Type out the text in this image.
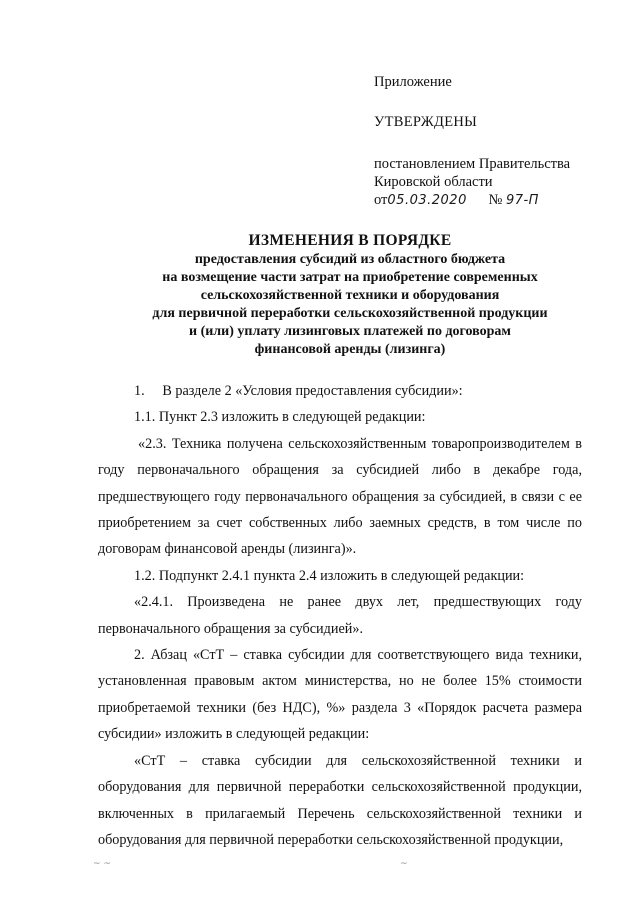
Приложение
УТВЕРЖДЕНЫ
постановлением Правительства
Кировской области
от05.03.2020 № 97-П
ИЗМЕНЕНИЯ В ПОРЯДКЕ
предоставления субсидий из областного бюджета
на возмещение части затрат на приобретение современных
сельскохозяйственной техники и оборудования
для первичной переработки сельскохозяйственной продукции
и (или) уплату лизинговых платежей по договорам
финансовой аренды (лизинга)
1.     В разделе 2 «Условия предоставления субсидии»:
1.1. Пункт 2.3 изложить в следующей редакции:
«2.3. Техника получена сельскохозяйственным товаропроизводителем в году первоначального обращения за субсидией либо в декабре года, предшествующего году первоначального обращения за субсидией, в связи с ее приобретением за счет собственных либо заемных средств, в том числе по договорам финансовой аренды (лизинга)».
1.2. Подпункт 2.4.1 пункта 2.4 изложить в следующей редакции:
«2.4.1. Произведена не ранее двух лет, предшествующих году первоначального обращения за субсидией».
2. Абзац «СтТ – ставка субсидии для соответствующего вида техники, установленная правовым актом министерства, но не более 15% стоимости приобретаемой техники (без НДС), %» раздела 3 «Порядок расчета размера субсидии» изложить в следующей редакции:
«СтТ – ставка субсидии для сельскохозяйственной техники и оборудования для первичной переработки сельскохозяйственной продукции, включенных в прилагаемый Перечень сельскохозяйственной техники и оборудования для первичной переработки сельскохозяйственной продукции,
~ ~	~
